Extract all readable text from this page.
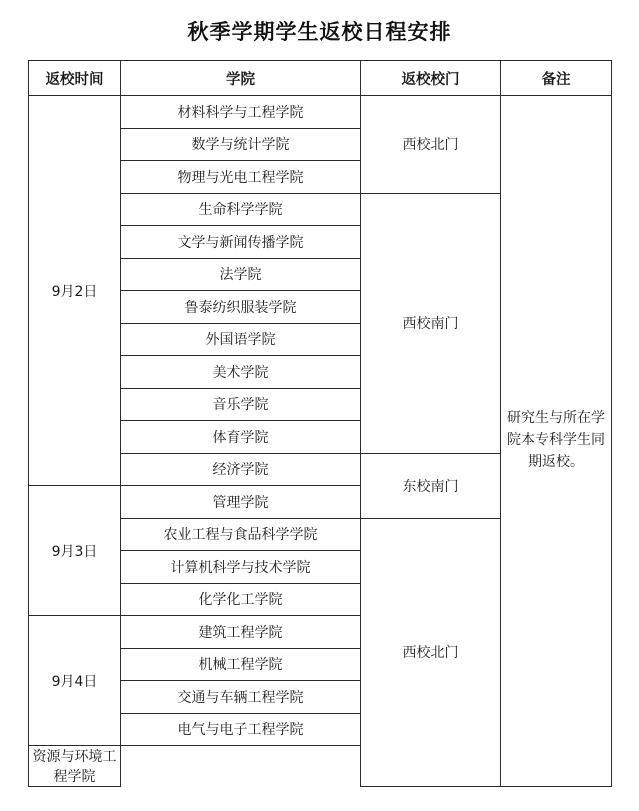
秋季学期学生返校日程安排
返校时间	学院	返校校门	备注
9月2日	材料科学与工程学院	西校北门	研究生与所在学院本专科学生同期返校。
	数学与统计学院		
	物理与光电工程学院		
	生命科学学院	西校南门	
	文学与新闻传播学院		
	法学院		
	鲁泰纺织服装学院		
	外国语学院		
	美术学院		
	音乐学院		
	体育学院		
	经济学院	东校南门	
9月3日	管理学院		
	农业工程与食品科学学院	西校北门	
	计算机科学与技术学院		
	化学化工学院		
9月4日	建筑工程学院		
	机械工程学院		
	交通与车辆工程学院		
	电气与电子工程学院		
资源与环境工程学院			
